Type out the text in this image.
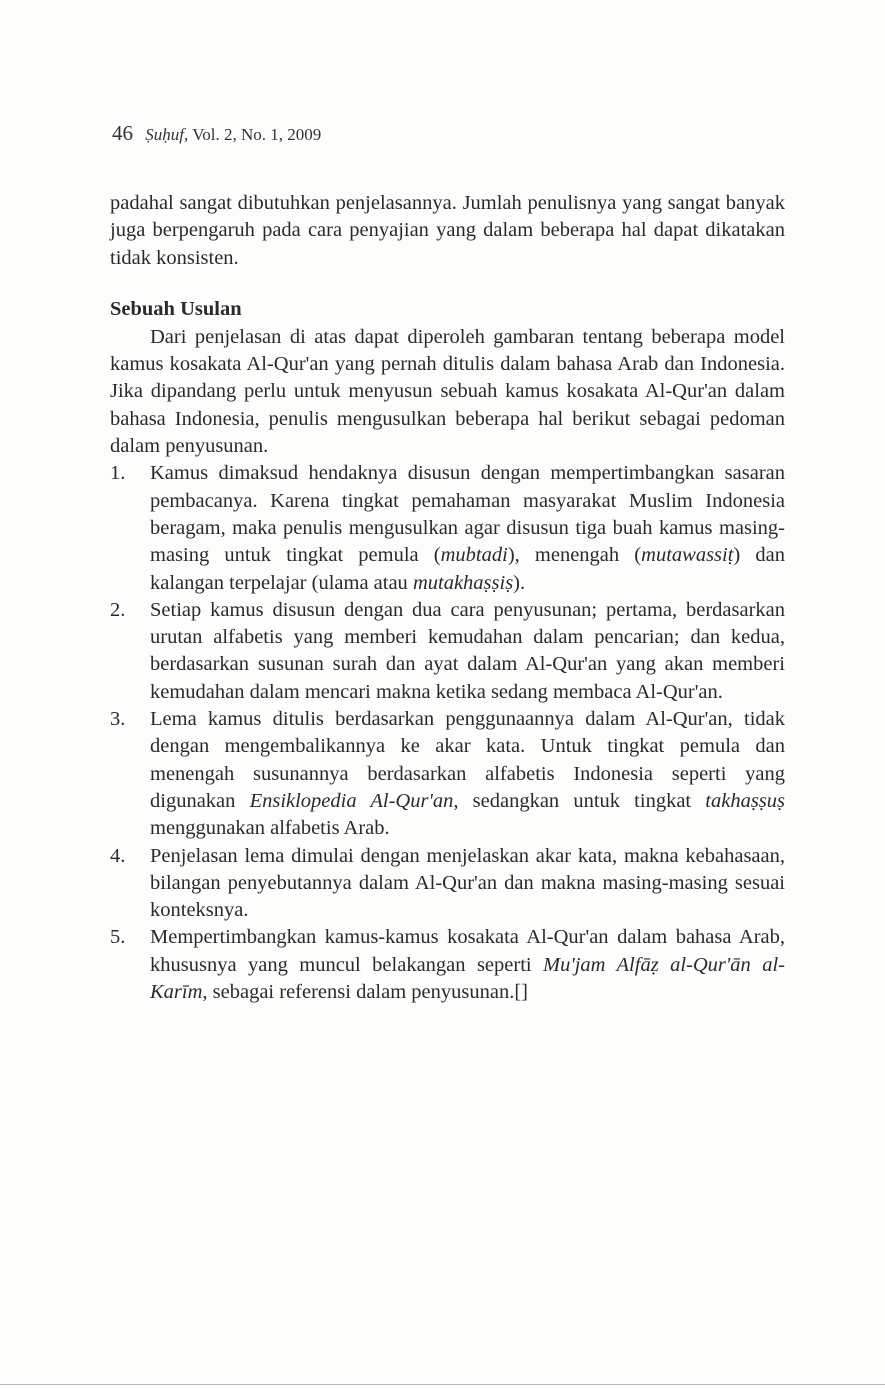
46 Ṣuḥuf, Vol. 2, No. 1, 2009

padahal sangat dibutuhkan penjelasannya. Jumlah penulisnya yang sangat banyak juga berpengaruh pada cara penyajian yang dalam beberapa hal dapat dikatakan tidak konsisten.

Sebuah Usulan

Dari penjelasan di atas dapat diperoleh gambaran tentang beberapa model kamus kosakata Al-Qur'an yang pernah ditulis dalam bahasa Arab dan Indonesia. Jika dipandang perlu untuk menyusun sebuah kamus kosakata Al-Qur'an dalam bahasa Indonesia, penulis mengusulkan beberapa hal berikut sebagai pedoman dalam penyusunan.

1. Kamus dimaksud hendaknya disusun dengan mempertimbangkan sasaran pembacanya. Karena tingkat pemahaman masyarakat Muslim Indonesia beragam, maka penulis mengusulkan agar disusun tiga buah kamus masing-masing untuk tingkat pemula (mubtadi), menengah (mutawassiṭ) dan kalangan terpelajar (ulama atau mutakhaṣṣiṣ).
2. Setiap kamus disusun dengan dua cara penyusunan; pertama, berdasarkan urutan alfabetis yang memberi kemudahan dalam pencarian; dan kedua, berdasarkan susunan surah dan ayat dalam Al-Qur'an yang akan memberi kemudahan dalam mencari makna ketika sedang membaca Al-Qur'an.
3. Lema kamus ditulis berdasarkan penggunaannya dalam Al-Qur'an, tidak dengan mengembalikannya ke akar kata. Untuk tingkat pemula dan menengah susunannya berdasarkan alfabetis Indonesia seperti yang digunakan Ensiklopedia Al-Qur'an, sedangkan untuk tingkat takhaṣṣuṣ menggunakan alfabetis Arab.
4. Penjelasan lema dimulai dengan menjelaskan akar kata, makna kebahasaan, bilangan penyebutannya dalam Al-Qur'an dan makna masing-masing sesuai konteksnya.
5. Mempertimbangkan kamus-kamus kosakata Al-Qur'an dalam bahasa Arab, khususnya yang muncul belakangan seperti Mu'jam Alfāẓ al-Qur'ān al-Karīm, sebagai referensi dalam penyusunan.[]
